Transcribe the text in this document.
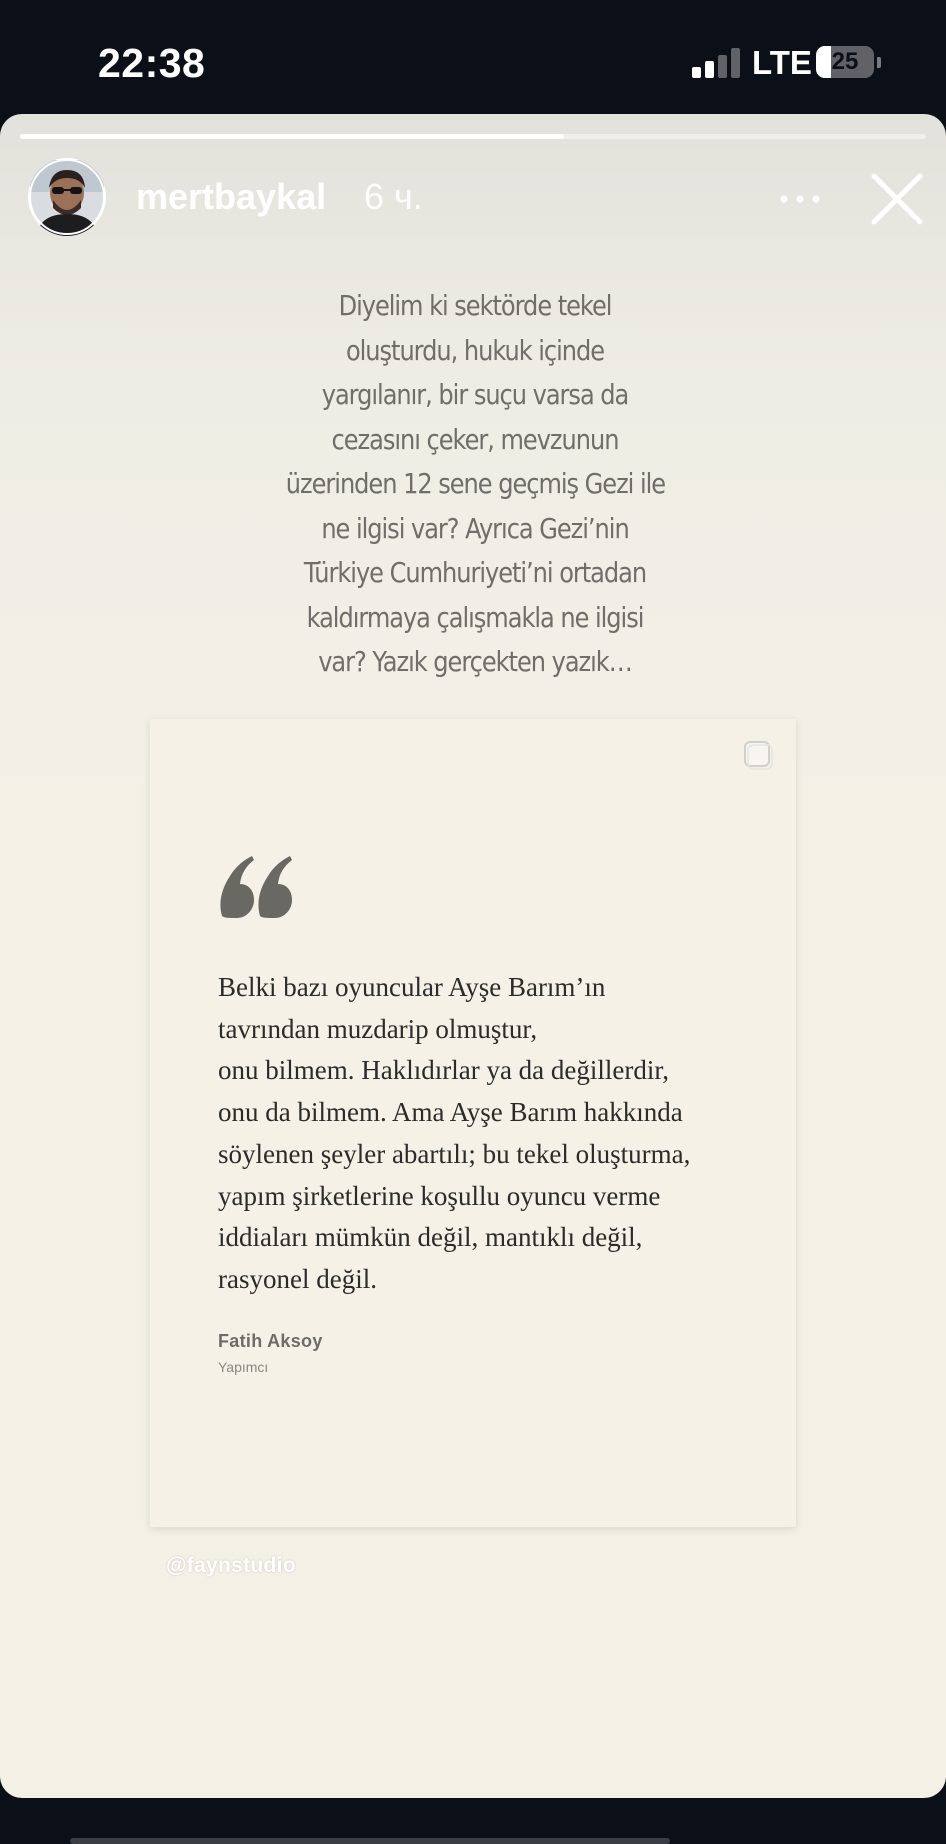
22:38	LTE 25
mertbaykal 6 ч.
Diyelim ki sektörde tekel
oluşturdu, hukuk içinde
yargılanır, bir suçu varsa da
cezasını çeker, mevzunun
üzerinden 12 sene geçmiş Gezi ile
ne ilgisi var? Ayrıca Gezi’nin
Türkiye Cumhuriyeti’ni ortadan
kaldırmaya çalışmakla ne ilgisi
var? Yazık gerçekten yazık…
Belki bazı oyuncular Ayşe Barım’ın
tavrından muzdarip olmuştur,
onu bilmem. Haklıdırlar ya da değillerdir,
onu da bilmem. Ama Ayşe Barım hakkında
söylenen şeyler abartılı; bu tekel oluşturma,
yapım şirketlerine koşullu oyuncu verme
iddiaları mümkün değil, mantıklı değil,
rasyonel değil.
Fatih Aksoy
Yapımcı
@faynstudio
